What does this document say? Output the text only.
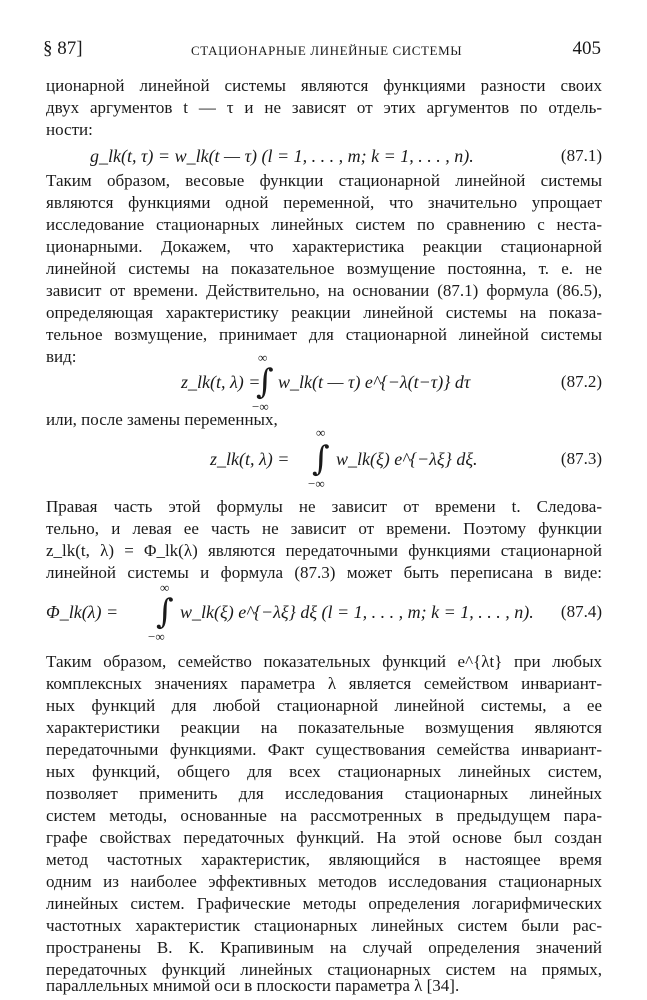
§ 87]	СТАЦИОНАРНЫЕ ЛИНЕЙНЫЕ СИСТЕМЫ	405
ционарной линейной системы являются функциями разности своих
двух аргументов t — τ и не зависят от этих аргументов по отдель-
ности:
g_lk(t, τ) = w_lk(t — τ) (l = 1, . . . , m; k = 1, . . . , n).	(87.1)
Таким образом, весовые функции стационарной линейной системы
являются функциями одной переменной, что значительно упрощает
исследование стационарных линейных систем по сравнению с неста-
ционарными. Докажем, что характеристика реакции стационарной
линейной системы на показательное возмущение постоянна, т. е. не
зависит от времени. Действительно, на основании (87.1) формула (86.5),
определяющая характеристику реакции линейной системы на показа-
тельное возмущение, принимает для стационарной линейной системы
вид:	∞
z_lk(t, λ) =
∫ w_lk(t — τ) e^{−λ(t−τ)} dτ
−∞
(87.2)
или, после замены переменных,
∞
z_lk(t, λ) = ∫ w_lk(ξ) e^{−λξ} dξ.
−∞
(87.3)
Правая часть этой формулы не зависит от времени t. Следова-
тельно, и левая ее часть не зависит от времени. Поэтому функции
z_lk(t, λ) = Φ_lk(λ) являются передаточными функциями стационарной
линейной системы и формула (87.3) может быть переписана в виде:
∞
Φ_lk(λ) = ∫ w_lk(ξ) e^{−λξ} dξ (l = 1, . . . , m; k = 1, . . . , n).
−∞
(87.4)
Таким образом, семейство показательных функций e^{λt} при любых
комплексных значениях параметра λ является семейством инвариант-
ных функций для любой стационарной линейной системы, а ее
характеристики реакции на показательные возмущения являются
передаточными функциями. Факт существования семейства инвариант-
ных функций, общего для всех стационарных линейных систем,
позволяет применить для исследования стационарных линейных
систем методы, основанные на рассмотренных в предыдущем пара-
графе свойствах передаточных функций. На этой основе был создан
метод частотных характеристик, являющийся в настоящее время
одним из наиболее эффективных методов исследования стационарных
линейных систем. Графические методы определения логарифмических
частотных характеристик стационарных линейных систем были рас-
пространены В. К. Крапивиным на случай определения значений
передаточных функций линейных стационарных систем на прямых,
параллельных мнимой оси в плоскости параметра λ [34].
